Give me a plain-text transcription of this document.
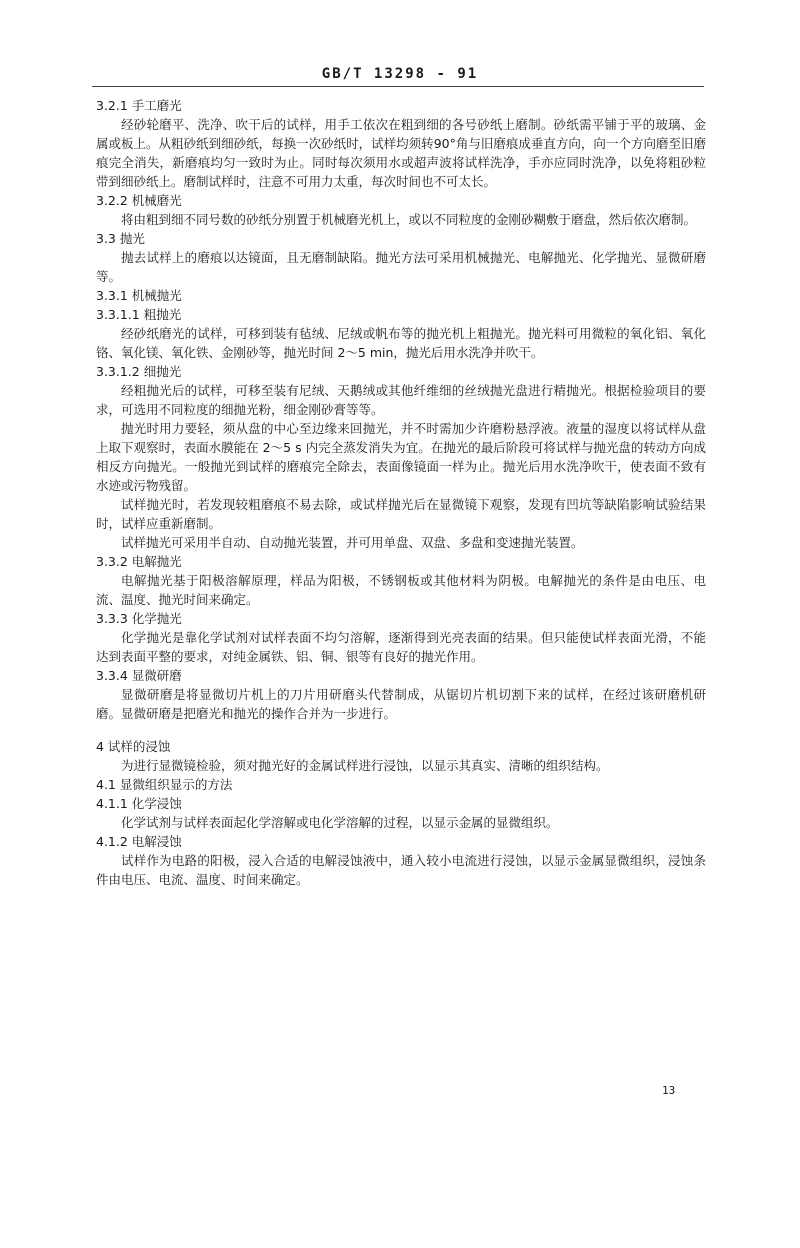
GB/T 13298 - 91

3.2.1 手工磨光

经砂轮磨平、洗净、吹干后的试样，用手工依次在粗到细的各号砂纸上磨制。砂纸需平铺于平的玻璃、金属或板上。从粗砂纸到细砂纸，每换一次砂纸时，试样均须转90°角与旧磨痕成垂直方向，向一个方向磨至旧磨痕完全消失，新磨痕均匀一致时为止。同时每次须用水或超声波将试样洗净，手亦应同时洗净，以免将粗砂粒带到细砂纸上。磨制试样时，注意不可用力太重，每次时间也不可太长。

3.2.2 机械磨光

将由粗到细不同号数的砂纸分别置于机械磨光机上，或以不同粒度的金刚砂糊敷于磨盘，然后依次磨制。

3.3 抛光

抛去试样上的磨痕以达镜面，且无磨制缺陷。抛光方法可采用机械抛光、电解抛光、化学抛光、显微研磨等。

3.3.1 机械抛光

3.3.1.1 粗抛光

经砂纸磨光的试样，可移到装有毡绒、尼绒或帆布等的抛光机上粗抛光。抛光料可用微粒的氧化铝、氧化铬、氧化镁、氧化铁、金刚砂等，抛光时间 2～5 min，抛光后用水洗净并吹干。

3.3.1.2 细抛光

经粗抛光后的试样，可移至装有尼绒、天鹅绒或其他纤维细的丝绒抛光盘进行精抛光。根据检验项目的要求，可选用不同粒度的细抛光粉，细金刚砂膏等等。

抛光时用力要轻，须从盘的中心至边缘来回抛光，并不时需加少许磨粉悬浮液。液量的湿度以将试样从盘上取下观察时，表面水膜能在 2～5 s 内完全蒸发消失为宜。在抛光的最后阶段可将试样与抛光盘的转动方向成相反方向抛光。一般抛光到试样的磨痕完全除去，表面像镜面一样为止。抛光后用水洗净吹干，使表面不致有水迹或污物残留。

试样抛光时，若发现较粗磨痕不易去除，或试样抛光后在显微镜下观察，发现有凹坑等缺陷影响试验结果时，试样应重新磨制。

试样抛光可采用半自动、自动抛光装置，并可用单盘、双盘、多盘和变速抛光装置。

3.3.2 电解抛光

电解抛光基于阳极溶解原理，样品为阳极，不锈钢板或其他材料为阴极。电解抛光的条件是由电压、电流、温度、抛光时间来确定。

3.3.3 化学抛光

化学抛光是靠化学试剂对试样表面不均匀溶解，逐渐得到光亮表面的结果。但只能使试样表面光滑，不能达到表面平整的要求，对纯金属铁、铝、铜、银等有良好的抛光作用。

3.3.4 显微研磨

显微研磨是将显微切片机上的刀片用研磨头代替制成，从锯切片机切割下来的试样，在经过该研磨机研磨。显微研磨是把磨光和抛光的操作合并为一步进行。

4 试样的浸蚀

为进行显微镜检验，须对抛光好的金属试样进行浸蚀，以显示其真实、清晰的组织结构。

4.1 显微组织显示的方法

4.1.1 化学浸蚀

化学试剂与试样表面起化学溶解或电化学溶解的过程，以显示金属的显微组织。

4.1.2 电解浸蚀

试样作为电路的阳极，浸入合适的电解浸蚀液中，通入较小电流进行浸蚀，以显示金属显微组织，浸蚀条件由电压、电流、温度、时间来确定。

13
